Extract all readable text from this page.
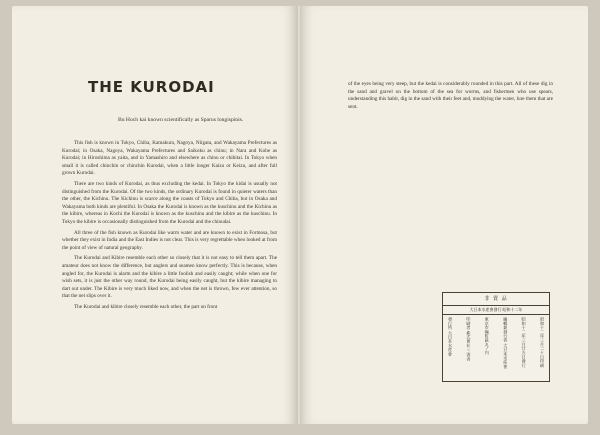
THE KURODAI
Bu Hoch kai known scientifically as Sparus longispinis.

This fish is known in Tokyo, Chiba, Kamakura, Nagoya, Niigata, and Wakayama Prefectures as Kurodai; in Osaka, Nagoya, Wakayama Prefectures and Saikoku as chinu; in Nara and Kobe as Kurodai; in Hiroshima as yaita, and in Yamashiro and elsewhere as chinu or chibitai. In Tokyo when small it is called chinchin or chinchin Kurodai, when a little longer Kaizu or Keizu, and after full grown Kurodai.

There are two kinds of Kurodai, as thus excluding the kedai. In Tokyo the kidai is usually not distinguished from the Kurodai. Of the two kinds, the ordinary Kurodai is found in quieter waters than the other, the Kichinu. The Kichinu is scarce along the coasts of Tokyo and Chiba, but in Osaka and Wakayama both kinds are plentiful. In Osaka the Kurodai is known as the kuschinu and the Kichinu as the kibire, whereas in Kochi the Kurodai is known as the kuschinu and the kibire as the kuschinu. In Tokyo the kibire is occasionally distinguished from the Kurodai and the chinudai.

All three of the fish known as Kurodai like warm water and are known to exist in Formosa, but whether they exist in India and the East Indies is not clear. This is very regrettable when looked at from the point of view of natural geography.

The Kurodai and Kibire resemble each other so closely that it is not easy to tell them apart. The amateur does not know the difference, but anglers and seamen know perfectly. This is because, when angled for, the Kurodai is alarm and the kibire a little foolish and easily caught; while when one for wish sets, it is just the other way round, the Kurodai being easily caught, but the kibire managing to dart out under. The Kibire is very much liked now, and when the net is thrown, few ever attention, so that the net slips over it.

The Kurodai and kibire closely resemble each other, the part on front

of the eyes being very steep, but the kedai is considerably rounded in this part. All of these dig in the sand and gravel on the bottom of the sea for worms, and fishermen who use spears, understanding this habit, dig in the sand with their feet and, muddying the water, lure them that are sent.
非 賣 品
大日本水産會發行 昭和十二年
昭和十二年三月二十日印刷
昭和十二年三月廿五日發行
編輯兼發行者 大日本水産會
東京市麹町區丸ノ内
印刷者 株式會社 三秀舎
發行所 大日本水産會
